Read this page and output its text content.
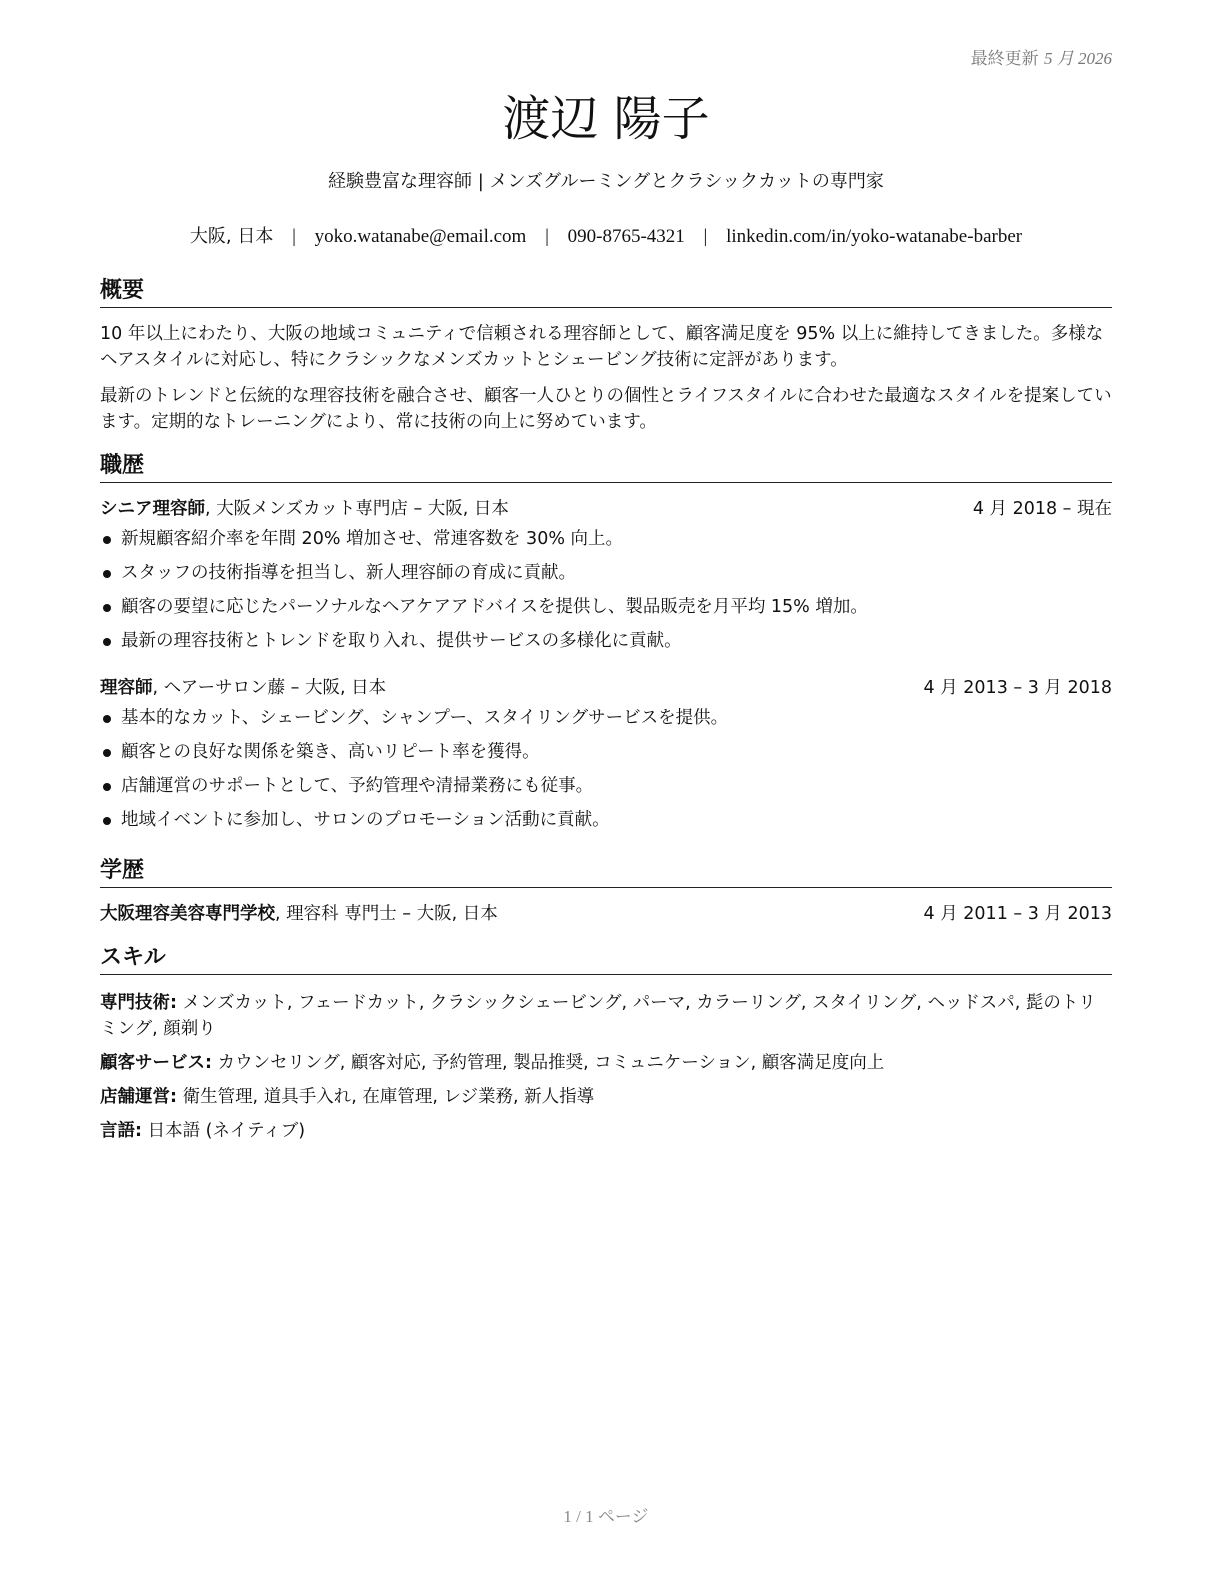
最終更新 5 月 2026
渡辺 陽子
経験豊富な理容師 | メンズグルーミングとクラシックカットの専門家
大阪, 日本 | yoko.watanabe@email.com | 090-8765-4321 | linkedin.com/in/yoko-watanabe-barber
概要

10 年以上にわたり、大阪の地域コミュニティで信頼される理容師として、顧客満足度を 95% 以上に維持してきました。多様なヘアスタイルに対応し、特にクラシックなメンズカットとシェービング技術に定評があります。

最新のトレンドと伝統的な理容技術を融合させ、顧客一人ひとりの個性とライフスタイルに合わせた最適なスタイルを提案しています。定期的なトレーニングにより、常に技術の向上に努めています。

職歴
シニア理容師, 大阪メンズカット専門店 – 大阪, 日本	4 月 2018 – 現在
新規顧客紹介率を年間 20% 増加させ、常連客数を 30% 向上。
スタッフの技術指導を担当し、新人理容師の育成に貢献。
顧客の要望に応じたパーソナルなヘアケアアドバイスを提供し、製品販売を月平均 15% 増加。
最新の理容技術とトレンドを取り入れ、提供サービスの多様化に貢献。
理容師, ヘアーサロン藤 – 大阪, 日本	4 月 2013 – 3 月 2018
基本的なカット、シェービング、シャンプー、スタイリングサービスを提供。
顧客との良好な関係を築き、高いリピート率を獲得。
店舗運営のサポートとして、予約管理や清掃業務にも従事。
地域イベントに参加し、サロンのプロモーション活動に貢献。
学歴
大阪理容美容専門学校, 理容科 専門士 – 大阪, 日本	4 月 2011 – 3 月 2013
スキル

専門技術: メンズカット, フェードカット, クラシックシェービング, パーマ, カラーリング, スタイリング, ヘッドスパ, 髭のトリミング, 顔剃り

顧客サービス: カウンセリング, 顧客対応, 予約管理, 製品推奨, コミュニケーション, 顧客満足度向上

店舗運営: 衛生管理, 道具手入れ, 在庫管理, レジ業務, 新人指導

言語: 日本語 (ネイティブ)

1 / 1 ページ
